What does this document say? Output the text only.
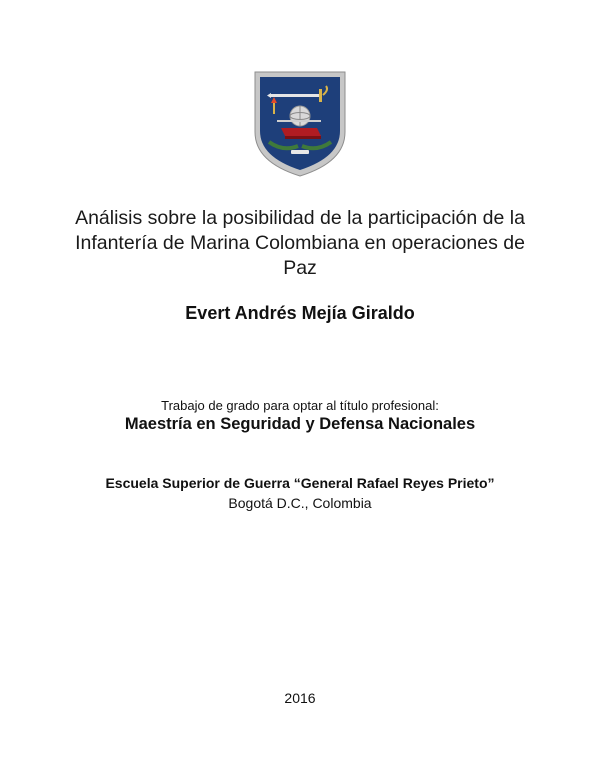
Análisis sobre la posibilidad de la participación de la Infantería de Marina Colombiana en operaciones de Paz
Evert Andrés Mejía Giraldo
Trabajo de grado para optar al título profesional:
Maestría en Seguridad y Defensa Nacionales
Escuela Superior de Guerra “General Rafael Reyes Prieto”
Bogotá D.C., Colombia
2016
